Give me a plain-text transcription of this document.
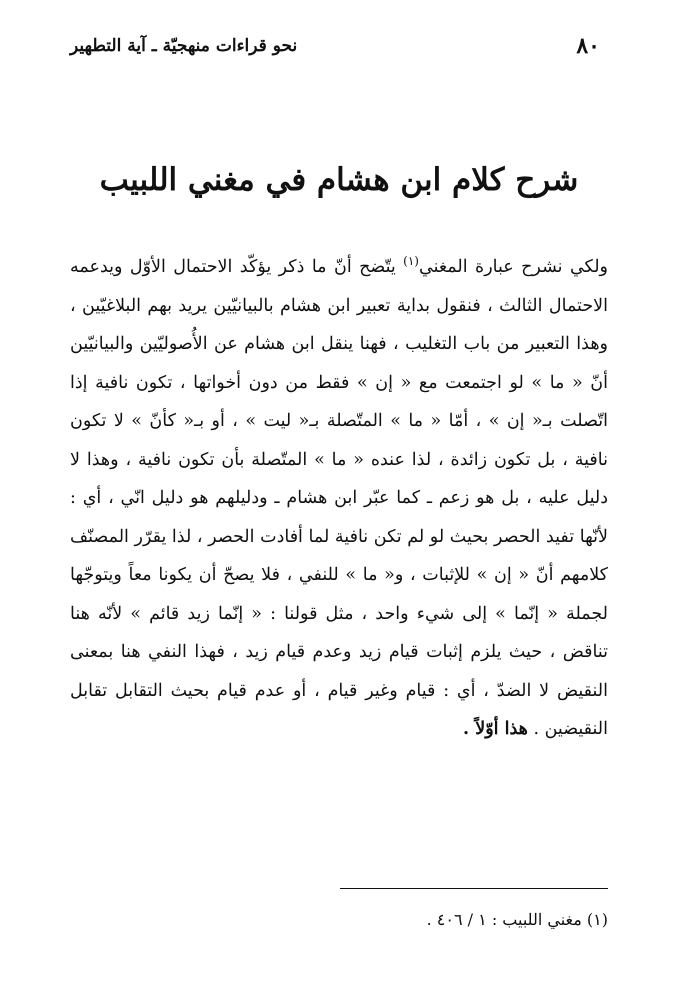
٨٠
نحو قراءات منهجيّة ـ آية التطهير
شرح كلام ابن هشام في مغني اللبيب

ولكي نشرح عبارة المغني$^{(١)}$ يتّضح أنّ ما ذكر يؤكّد الاحتمال الأوّل ويدعمه الاحتمال الثالث ، فنقول بداية تعبير ابن هشام بالبيانيّين يريد بهم البلاغيّين ، وهذا التعبير من باب التغليب ، فهنا ينقل ابن هشام عن الأُصوليّين والبيانيّين أنّ « ما » لو اجتمعت مع « إن » فقط من دون أخواتها ، تكون نافية إذا اتّصلت بـ« إن » ، أمّا « ما » المتّصلة بـ« ليت » ، أو بـ« كأنّ » لا تكون نافية ، بل تكون زائدة ، لذا عنده « ما » المتّصلة بأن تكون نافية ، وهذا لا دليل عليه ، بل هو زعم ـ كما عبّر ابن هشام ـ ودليلهم هو دليل انّي ، أي : لأنّها تفيد الحصر بحيث لو لم تكن نافية لما أفادت الحصر ، لذا يقرّر المصنّف كلامهم أنّ « إن » للإثبات ، و« ما » للنفي ، فلا يصحّ أن يكونا معاً ويتوجّها لجملة « إنّما » إلى شيء واحد ، مثل قولنا : « إنّما زيد قائم » لأنّه هنا تناقض ، حيث يلزم إثبات قيام زيد وعدم قيام زيد ، فهذا النفي هنا بمعنى النقيض لا الضدّ ، أي : قيام وغير قيام ، أو عدم قيام بحيث التقابل تقابل النقيضين . هذا أوّلاً .

(١) مغني اللبيب : ١ / ٤٠٦ .
